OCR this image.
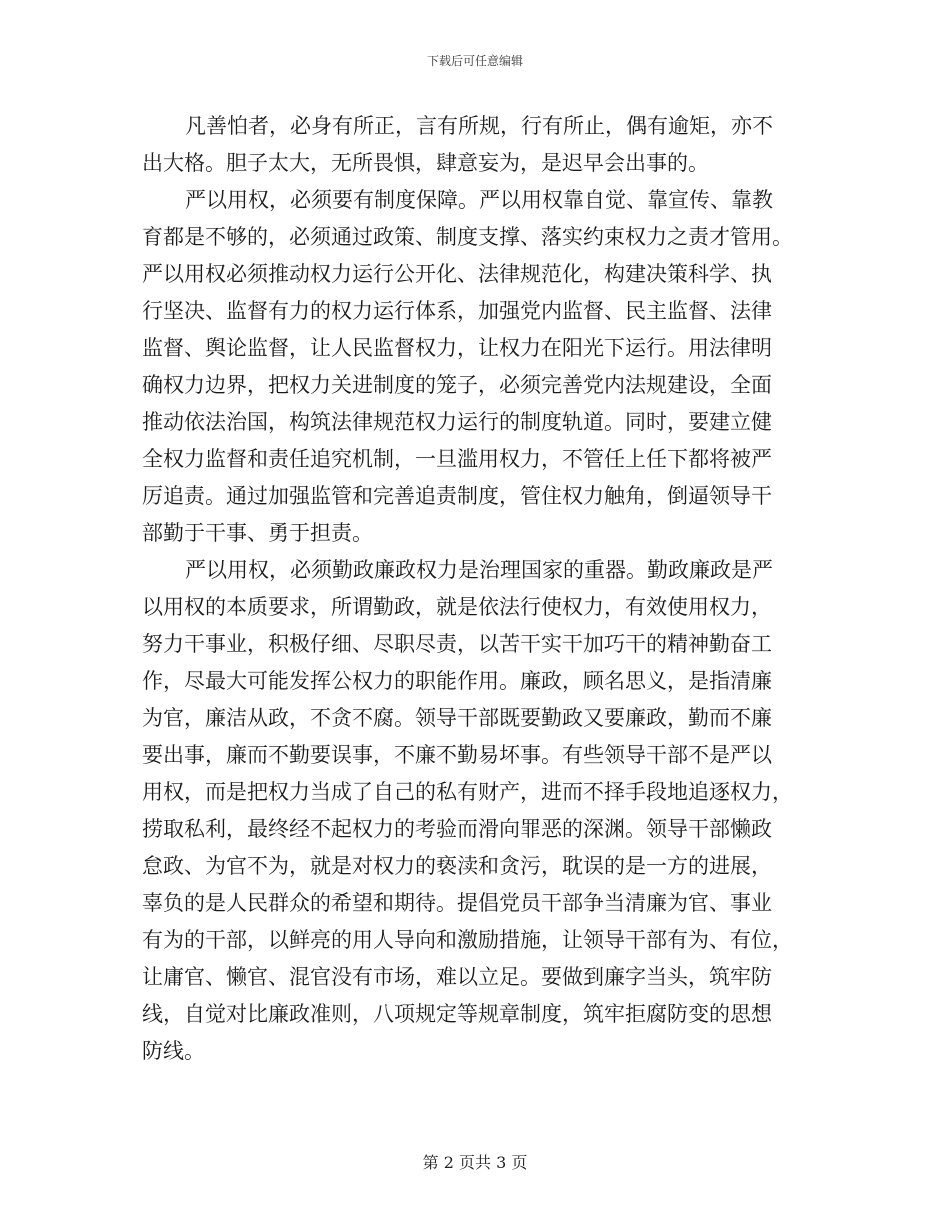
下载后可任意编辑
凡善怕者，必身有所正，言有所规，行有所止，偶有逾矩，亦不
出大格。胆子太大，无所畏惧，肆意妄为，是迟早会出事的。
严以用权，必须要有制度保障。严以用权靠自觉、靠宣传、靠教
育都是不够的，必须通过政策、制度支撑、落实约束权力之责才管用。
严以用权必须推动权力运行公开化、法律规范化，构建决策科学、执
行坚决、监督有力的权力运行体系，加强党内监督、民主监督、法律
监督、舆论监督，让人民监督权力，让权力在阳光下运行。用法律明
确权力边界，把权力关进制度的笼子，必须完善党内法规建设，全面
推动依法治国，构筑法律规范权力运行的制度轨道。同时，要建立健
全权力监督和责任追究机制，一旦滥用权力，不管任上任下都将被严
厉追责。通过加强监管和完善追责制度，管住权力触角，倒逼领导干
部勤于干事、勇于担责。
严以用权，必须勤政廉政权力是治理国家的重器。勤政廉政是严
以用权的本质要求，所谓勤政，就是依法行使权力，有效使用权力，
努力干事业，积极仔细、尽职尽责，以苦干实干加巧干的精神勤奋工
作，尽最大可能发挥公权力的职能作用。廉政，顾名思义，是指清廉
为官，廉洁从政，不贪不腐。领导干部既要勤政又要廉政，勤而不廉
要出事，廉而不勤要误事，不廉不勤易坏事。有些领导干部不是严以
用权，而是把权力当成了自己的私有财产，进而不择手段地追逐权力，
捞取私利，最终经不起权力的考验而滑向罪恶的深渊。领导干部懒政
怠政、为官不为，就是对权力的亵渎和贪污，耽误的是一方的进展，
辜负的是人民群众的希望和期待。提倡党员干部争当清廉为官、事业
有为的干部，以鲜亮的用人导向和激励措施，让领导干部有为、有位，
让庸官、懒官、混官没有市场，难以立足。要做到廉字当头，筑牢防
线，自觉对比廉政准则，八项规定等规章制度，筑牢拒腐防变的思想
防线。
第 2 页共 3 页
